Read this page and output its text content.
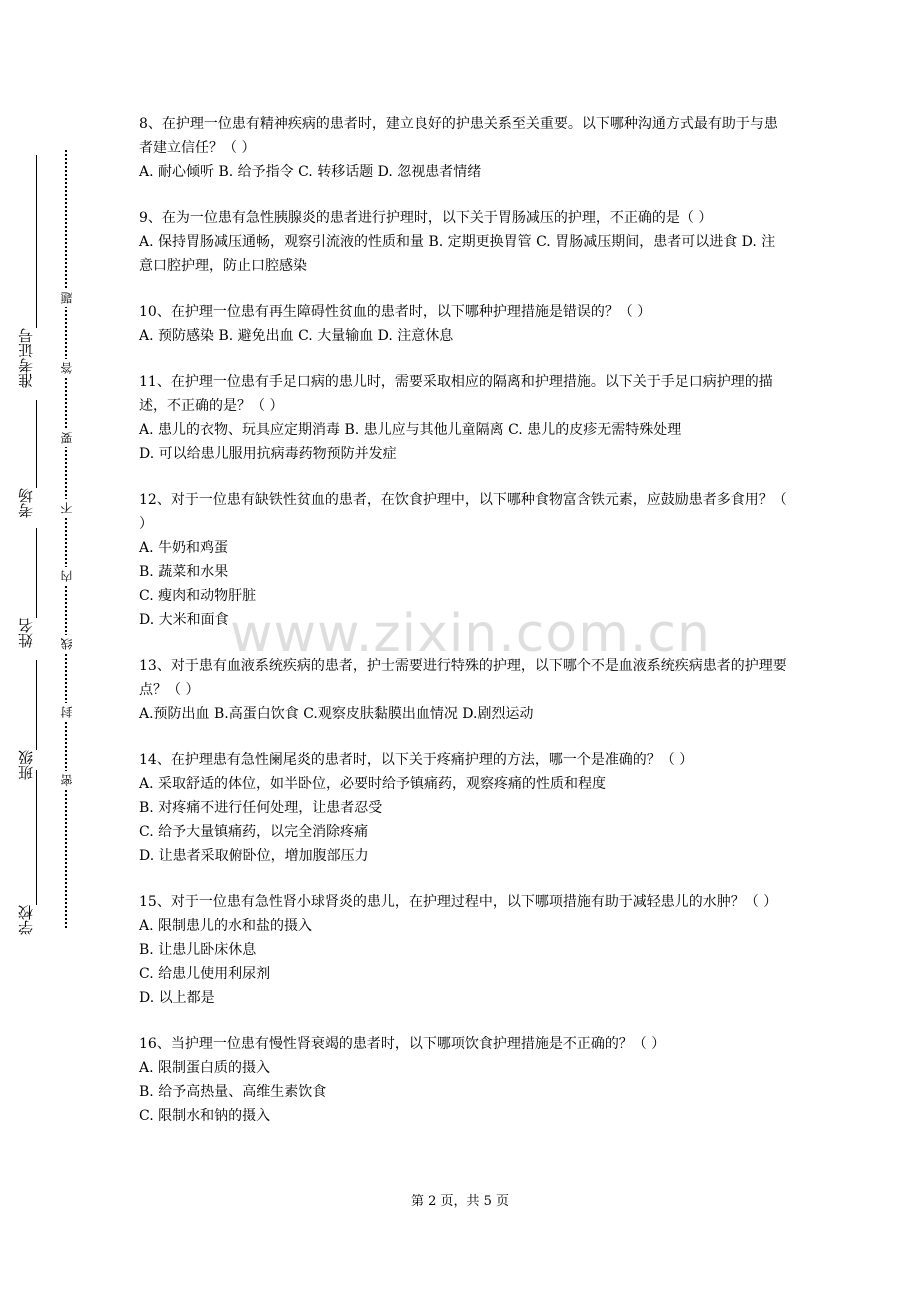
学校
班级
姓名
考场
准考证号
密
封
线
内
不
要
答
题

8、在护理一位患有精神疾病的患者时，建立良好的护患关系至关重要。以下哪种沟通方式最有助于与患者建立信任？（ ）

A. 耐心倾听 B. 给予指令 C. 转移话题 D. 忽视患者情绪

9、在为一位患有急性胰腺炎的患者进行护理时，以下关于胃肠减压的护理，不正确的是（ ）

A. 保持胃肠减压通畅，观察引流液的性质和量 B. 定期更换胃管 C. 胃肠减压期间，患者可以进食 D. 注意口腔护理，防止口腔感染

10、在护理一位患有再生障碍性贫血的患者时，以下哪种护理措施是错误的？（ ）

A. 预防感染 B. 避免出血 C. 大量输血 D. 注意休息

11、在护理一位患有手足口病的患儿时，需要采取相应的隔离和护理措施。以下关于手足口病护理的描述，不正确的是？（ ）

A. 患儿的衣物、玩具应定期消毒 B. 患儿应与其他儿童隔离 C. 患儿的皮疹无需特殊处理

D. 可以给患儿服用抗病毒药物预防并发症

12、对于一位患有缺铁性贫血的患者，在饮食护理中，以下哪种食物富含铁元素，应鼓励患者多食用？（ ）

A. 牛奶和鸡蛋

B. 蔬菜和水果

C. 瘦肉和动物肝脏

D. 大米和面食

13、对于患有血液系统疾病的患者，护士需要进行特殊的护理，以下哪个不是血液系统疾病患者的护理要点？（ ）

A.预防出血 B.高蛋白饮食 C.观察皮肤黏膜出血情况 D.剧烈运动

14、在护理患有急性阑尾炎的患者时，以下关于疼痛护理的方法，哪一个是准确的？（ ）

A. 采取舒适的体位，如半卧位，必要时给予镇痛药，观察疼痛的性质和程度

B. 对疼痛不进行任何处理，让患者忍受

C. 给予大量镇痛药，以完全消除疼痛

D. 让患者采取俯卧位，增加腹部压力

15、对于一位患有急性肾小球肾炎的患儿，在护理过程中，以下哪项措施有助于减轻患儿的水肿？（ ）

A. 限制患儿的水和盐的摄入

B. 让患儿卧床休息

C. 给患儿使用利尿剂

D. 以上都是

16、当护理一位患有慢性肾衰竭的患者时，以下哪项饮食护理措施是不正确的？（ ）

A. 限制蛋白质的摄入

B. 给予高热量、高维生素饮食

C. 限制水和钠的摄入

www.zixin.com.cn
第 2 页，共 5 页
